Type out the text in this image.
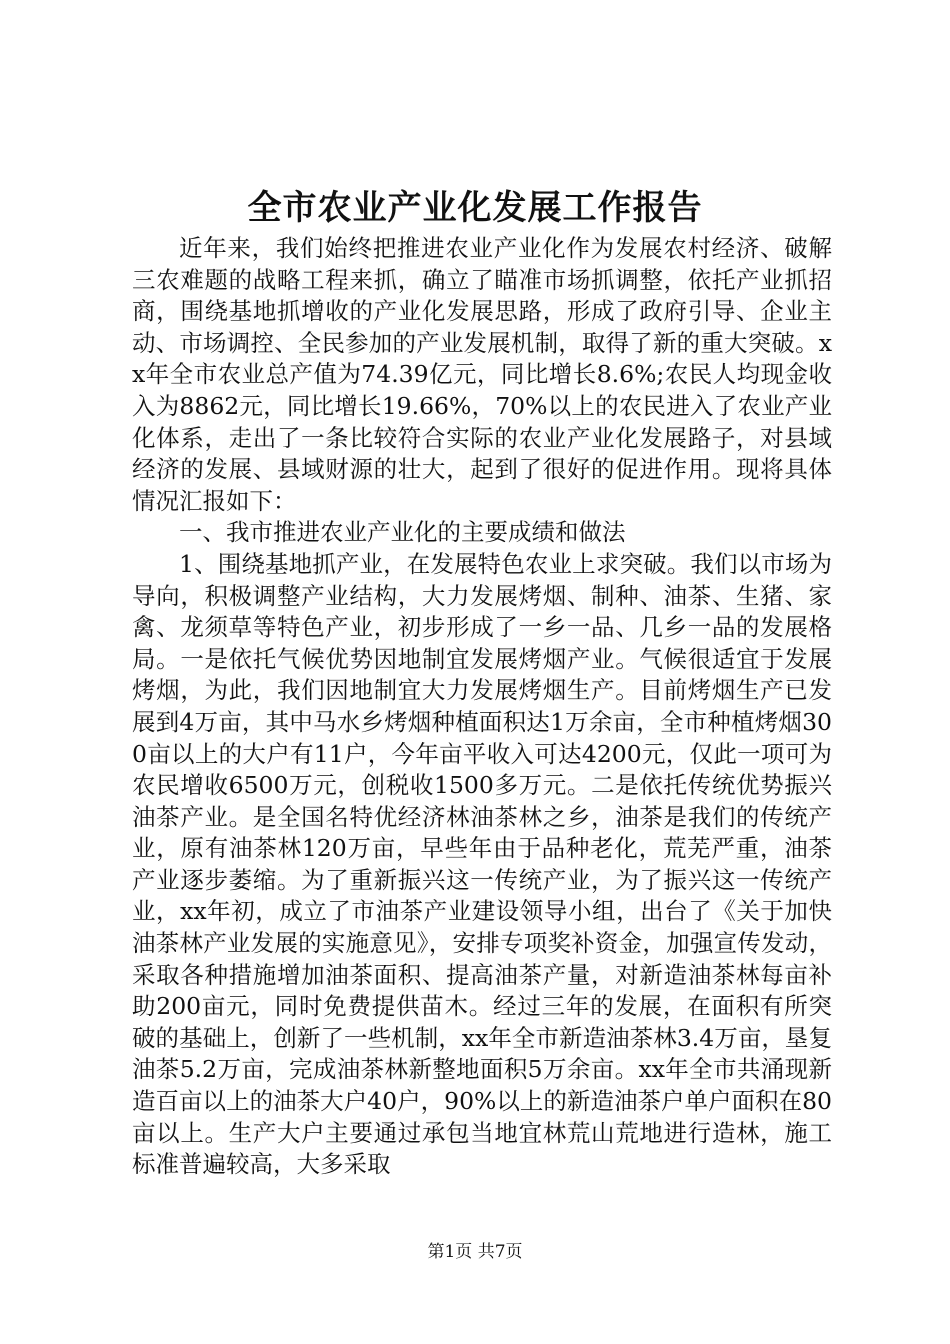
全市农业产业化发展工作报告

近年来，我们始终把推进农业产业化作为发展农村经济、破解三农难题的战略工程来抓，确立了瞄准市场抓调整，依托产业抓招商，围绕基地抓增收的产业化发展思路，形成了政府引导、企业主动、市场调控、全民参加的产业发展机制，取得了新的重大突破。xx年全市农业总产值为74.39亿元，同比增长8.6%;农民人均现金收入为8862元，同比增长19.66%，70%以上的农民进入了农业产业化体系，走出了一条比较符合实际的农业产业化发展路子，对县域经济的发展、县域财源的壮大，起到了很好的促进作用。现将具体情况汇报如下：

一、我市推进农业产业化的主要成绩和做法

1、围绕基地抓产业，在发展特色农业上求突破。我们以市场为导向，积极调整产业结构，大力发展烤烟、制种、油茶、生猪、家禽、龙须草等特色产业，初步形成了一乡一品、几乡一品的发展格局。一是依托气候优势因地制宜发展烤烟产业。气候很适宜于发展烤烟，为此，我们因地制宜大力发展烤烟生产。目前烤烟生产已发展到4万亩，其中马水乡烤烟种植面积达1万余亩，全市种植烤烟300亩以上的大户有11户，今年亩平收入可达4200元，仅此一项可为农民增收6500万元，创税收1500多万元。二是依托传统优势振兴油茶产业。是全国名特优经济林油茶林之乡，油茶是我们的传统产业，原有油茶林120万亩，早些年由于品种老化，荒芜严重，油茶产业逐步萎缩。为了重新振兴这一传统产业，为了振兴这一传统产业，xx年初，成立了市油茶产业建设领导小组，出台了《关于加快油茶林产业发展的实施意见》，安排专项奖补资金，加强宣传发动，采取各种措施增加油茶面积、提高油茶产量，对新造油茶林每亩补助200亩元，同时免费提供苗木。经过三年的发展，在面积有所突破的基础上，创新了一些机制，xx年全市新造油茶林3.4万亩，垦复油茶5.2万亩，完成油茶林新整地面积5万余亩。xx年全市共涌现新造百亩以上的油茶大户40户，90%以上的新造油茶户单户面积在80亩以上。生产大户主要通过承包当地宜林荒山荒地进行造林，施工标准普遍较高，大多采取

第1页 共7页
